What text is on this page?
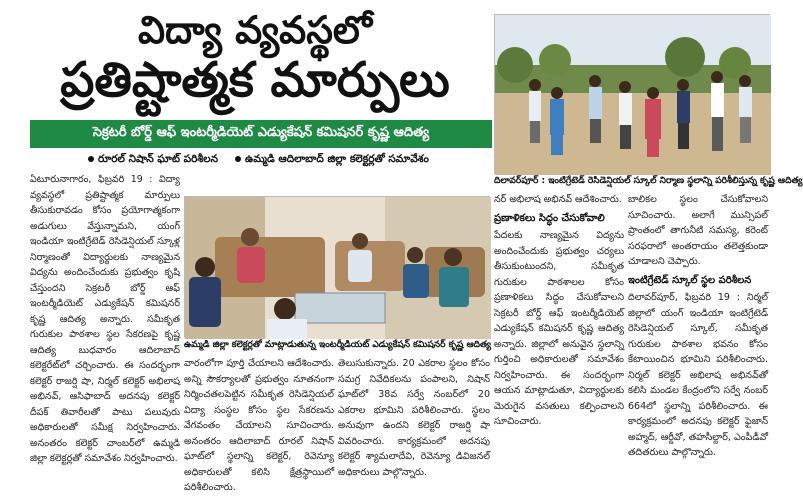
విద్యా వ్యవస్థలో
ప్రతిష్టాత్మక మార్పులు
సెక్రటరీ బోర్డ్ ఆఫ్ ఇంటర్మీడియెట్ ఎడ్యుకేషన్ కమిషనర్ కృష్ణ ఆదిత్య
రూరల్ నిషాన్ ఘాట్ పరిశీలన	ఉమ్మడి ఆదిలాబాద్ జిల్లా కలెక్టర్లతో సమావేశం

ఏటూరునాగారం, ఫిబ్రవరి 19 : విద్యా వ్యవస్థలో ప్రతిష్టాత్మక మార్పులు తీసుకురావడం కోసం ప్రయోగాత్మకంగా అడుగులు వేస్తున్నామని, యంగ్ ఇండియా ఇంటిగ్రేటెడ్ రెసిడెన్షియల్ స్కూళ్ల నిర్మాణంతో విద్యార్థులకు నాణ్యమైన విద్యను అందించేందుకు ప్రభుత్వం కృషి చేస్తుందని సెక్రటరీ బోర్డ్ ఆఫ్ ఇంటర్మీడియెట్ ఎడ్యుకేషన్ కమిషనర్ కృష్ణ ఆదిత్య అన్నారు. సమీకృత గురుకుల పాఠశాల స్థల సేకరణపై కృష్ణ ఆదిత్య బుధవారం ఆదిలాబాద్ కలెక్టరేట్‌లో చర్చించారు. ఈ సందర్భంగా కలెక్టర్ రాజర్షి షా, నిర్మల్ కలెక్టర్ అభిలాష అభినవ్, ఆసిఫాబాద్ అదనపు కలెక్టర్ దీపక్ తివారీలతో పాటు పలువురు అధికారులతో సమీక్ష నిర్వహించారు. అనంతరం కలెక్టర్ చాంబర్‌లో ఉమ్మడి జిల్లా కలెక్టర్లతో సమావేశం నిర్వహించారు.

ఉమ్మడి జిల్లా కలెక్టర్లతో మాట్లాడుతున్న ఇంటర్మీడియట్ ఎడ్యుకేషన్ కమిషనర్ కృష్ణ ఆదిత్య

వారంలోగా పూర్తి చేయాలని ఆదేశించారు. అన్ని సౌకర్యాలతో ప్రభుత్వం నూతనంగా నిర్మించతలపెట్టిన సమీకృత రెసిడెన్షియల్ విద్యా సంస్థల కోసం స్థల సేకరణను వేగవంతం చేయాలని సూచించారు. అనంతరం ఆదిలాబాద్ రూరల్ నిషాన్ ఘాట్‌లో స్థలాన్ని కలెక్టర్, రెవెన్యూ అధికారులతో కలిసి క్షేత్రస్థాయిలో పరిశీలించారు.

తెలుసుకున్నారు. 20 ఎకరాల స్థలం కోసం సమగ్ర నివేదికలను పంపాలని, నిషాన్ ఘాట్‌లో 38వ సర్వే నంబర్‌లో 20 ఎకరాల భూమిని పరిశీలించారు. స్థలం అనువుగా ఉందని కలెక్టర్ రాజర్షి షా వివరించారు. కార్యక్రమంలో అదనపు కలెక్టర్ శ్యామలాదేవి, రెవెన్యూ డివిజనల్ అధికారులు పాల్గొన్నారు.

దిలావర్‌పూర్ : ఇంటిగ్రేటెడ్ రెసిడెన్షియల్ స్కూల్ నిర్మాణ స్థలాన్ని పరిశీలిస్తున్న కృష్ణ ఆదిత్య

నర్ అభిలాష అభినవ్ ఆదేశించారు.

ప్రణాళికలు సిద్ధం చేసుకోవాలి

పేదలకు నాణ్యమైన విద్యను అందించేందుకు ప్రభుత్వం చర్యలు తీసుకుంటుందని, సమీకృత గురుకుల పాఠశాలల కోసం ప్రణాళికలు సిద్ధం చేసుకోవాలని సెక్రటరీ బోర్డ్ ఆఫ్ ఇంటర్మీడియెట్ ఎడ్యుకేషన్ కమిషనర్ కృష్ణ ఆదిత్య అన్నారు. జిల్లాలో అనువైన స్థలాన్ని గుర్తించి అధికారులతో సమావేశం నిర్వహించారు. ఈ సందర్భంగా ఆయన మాట్లాడుతూ, విద్యార్థులకు మెరుగైన వసతులు కల్పించాలని సూచించారు.

బాలికల స్థలం చేసుకోవాలని సూచించారు. అలాగే మున్సిపల్ ప్రాంతంలో తాగునీటి సమస్య, కరెంట్ సరఫరాలో అంతరాయం తలెత్తకుండా చూడాలని చెప్పారు.

ఇంటిగ్రేటెడ్ స్కూల్ స్థల పరిశీలన

దిలావర్‌పూర్, ఫిబ్రవరి 19 : నిర్మల్ జిల్లాలో యంగ్ ఇండియా ఇంటిగ్రేటెడ్ రెసిడెన్షియల్ స్కూల్, సమీకృత గురుకుల పాఠశాల భవనం కోసం కేటాయించిన భూమిని పరిశీలించారు. నిర్మల్ కలెక్టర్ అభిలాష అభినవ్‌తో కలిసి మండల కేంద్రంలోని సర్వే నంబర్ 664లో స్థలాన్ని పరిశీలించారు. ఈ కార్యక్రమంలో అదనపు కలెక్టర్ ఫైజాన్ అహ్మద్, ఆర్డీవో, తహసీల్దార్, ఎంపీడీవో తదితరులు పాల్గొన్నారు.
